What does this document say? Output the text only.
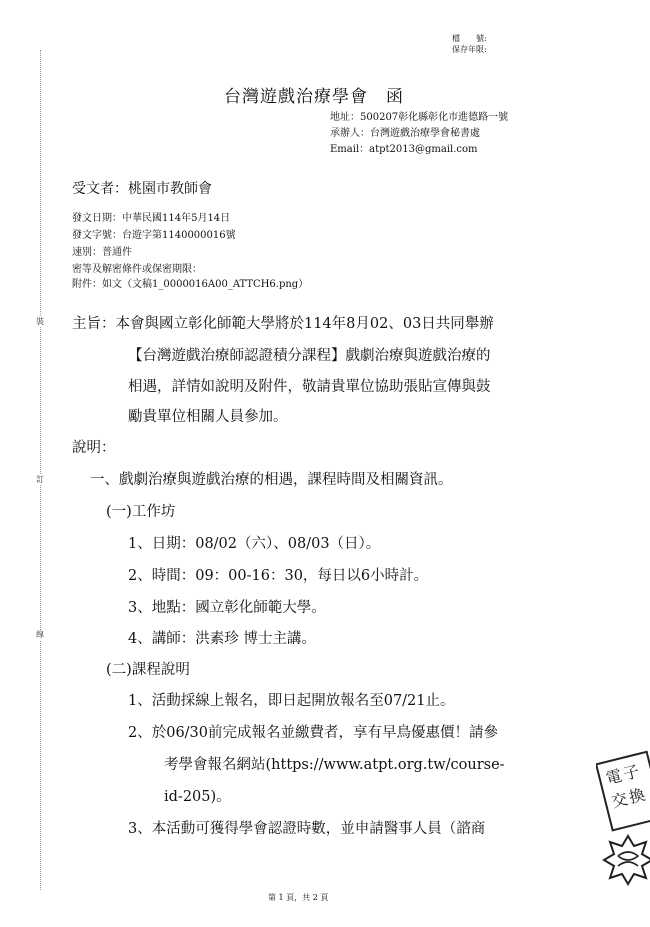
裝
訂
線
檔　　號:
保存年限:
台灣遊戲治療學會　函
地址：500207彰化縣彰化市進德路一號
承辦人：台灣遊戲治療學會秘書處
Email：atpt2013@gmail.com
受文者：桃園市教師會
發文日期：中華民國114年5月14日
發文字號：台遊字第1140000016號
速別：普通件
密等及解密條件或保密期限：
附件：如文（文稿1_0000016A00_ATTCH6.png）
主旨：本會與國立彰化師範大學將於114年8月02、03日共同舉辦
【台灣遊戲治療師認證積分課程】戲劇治療與遊戲治療的
相遇，詳情如說明及附件，敬請貴單位協助張貼宣傳與鼓
勵貴單位相關人員參加。
說明：
一、戲劇治療與遊戲治療的相遇，課程時間及相關資訊。
(一)工作坊
1、日期：08/02（六）、08/03（日）。
2、時間：09：00-16：30，每日以6小時計。
3、地點：國立彰化師範大學。
4、講師：洪素珍 博士主講。
(二)課程說明
1、活動採線上報名，即日起開放報名至07/21止。
2、於06/30前完成報名並繳費者，享有早鳥優惠價！請參
考學會報名網站(https://www.atpt.org.tw/course-
id-205)。
3、本活動可獲得學會認證時數，並申請醫事人員（諮商
電
子
交
換
第 1 頁，共 2 頁
